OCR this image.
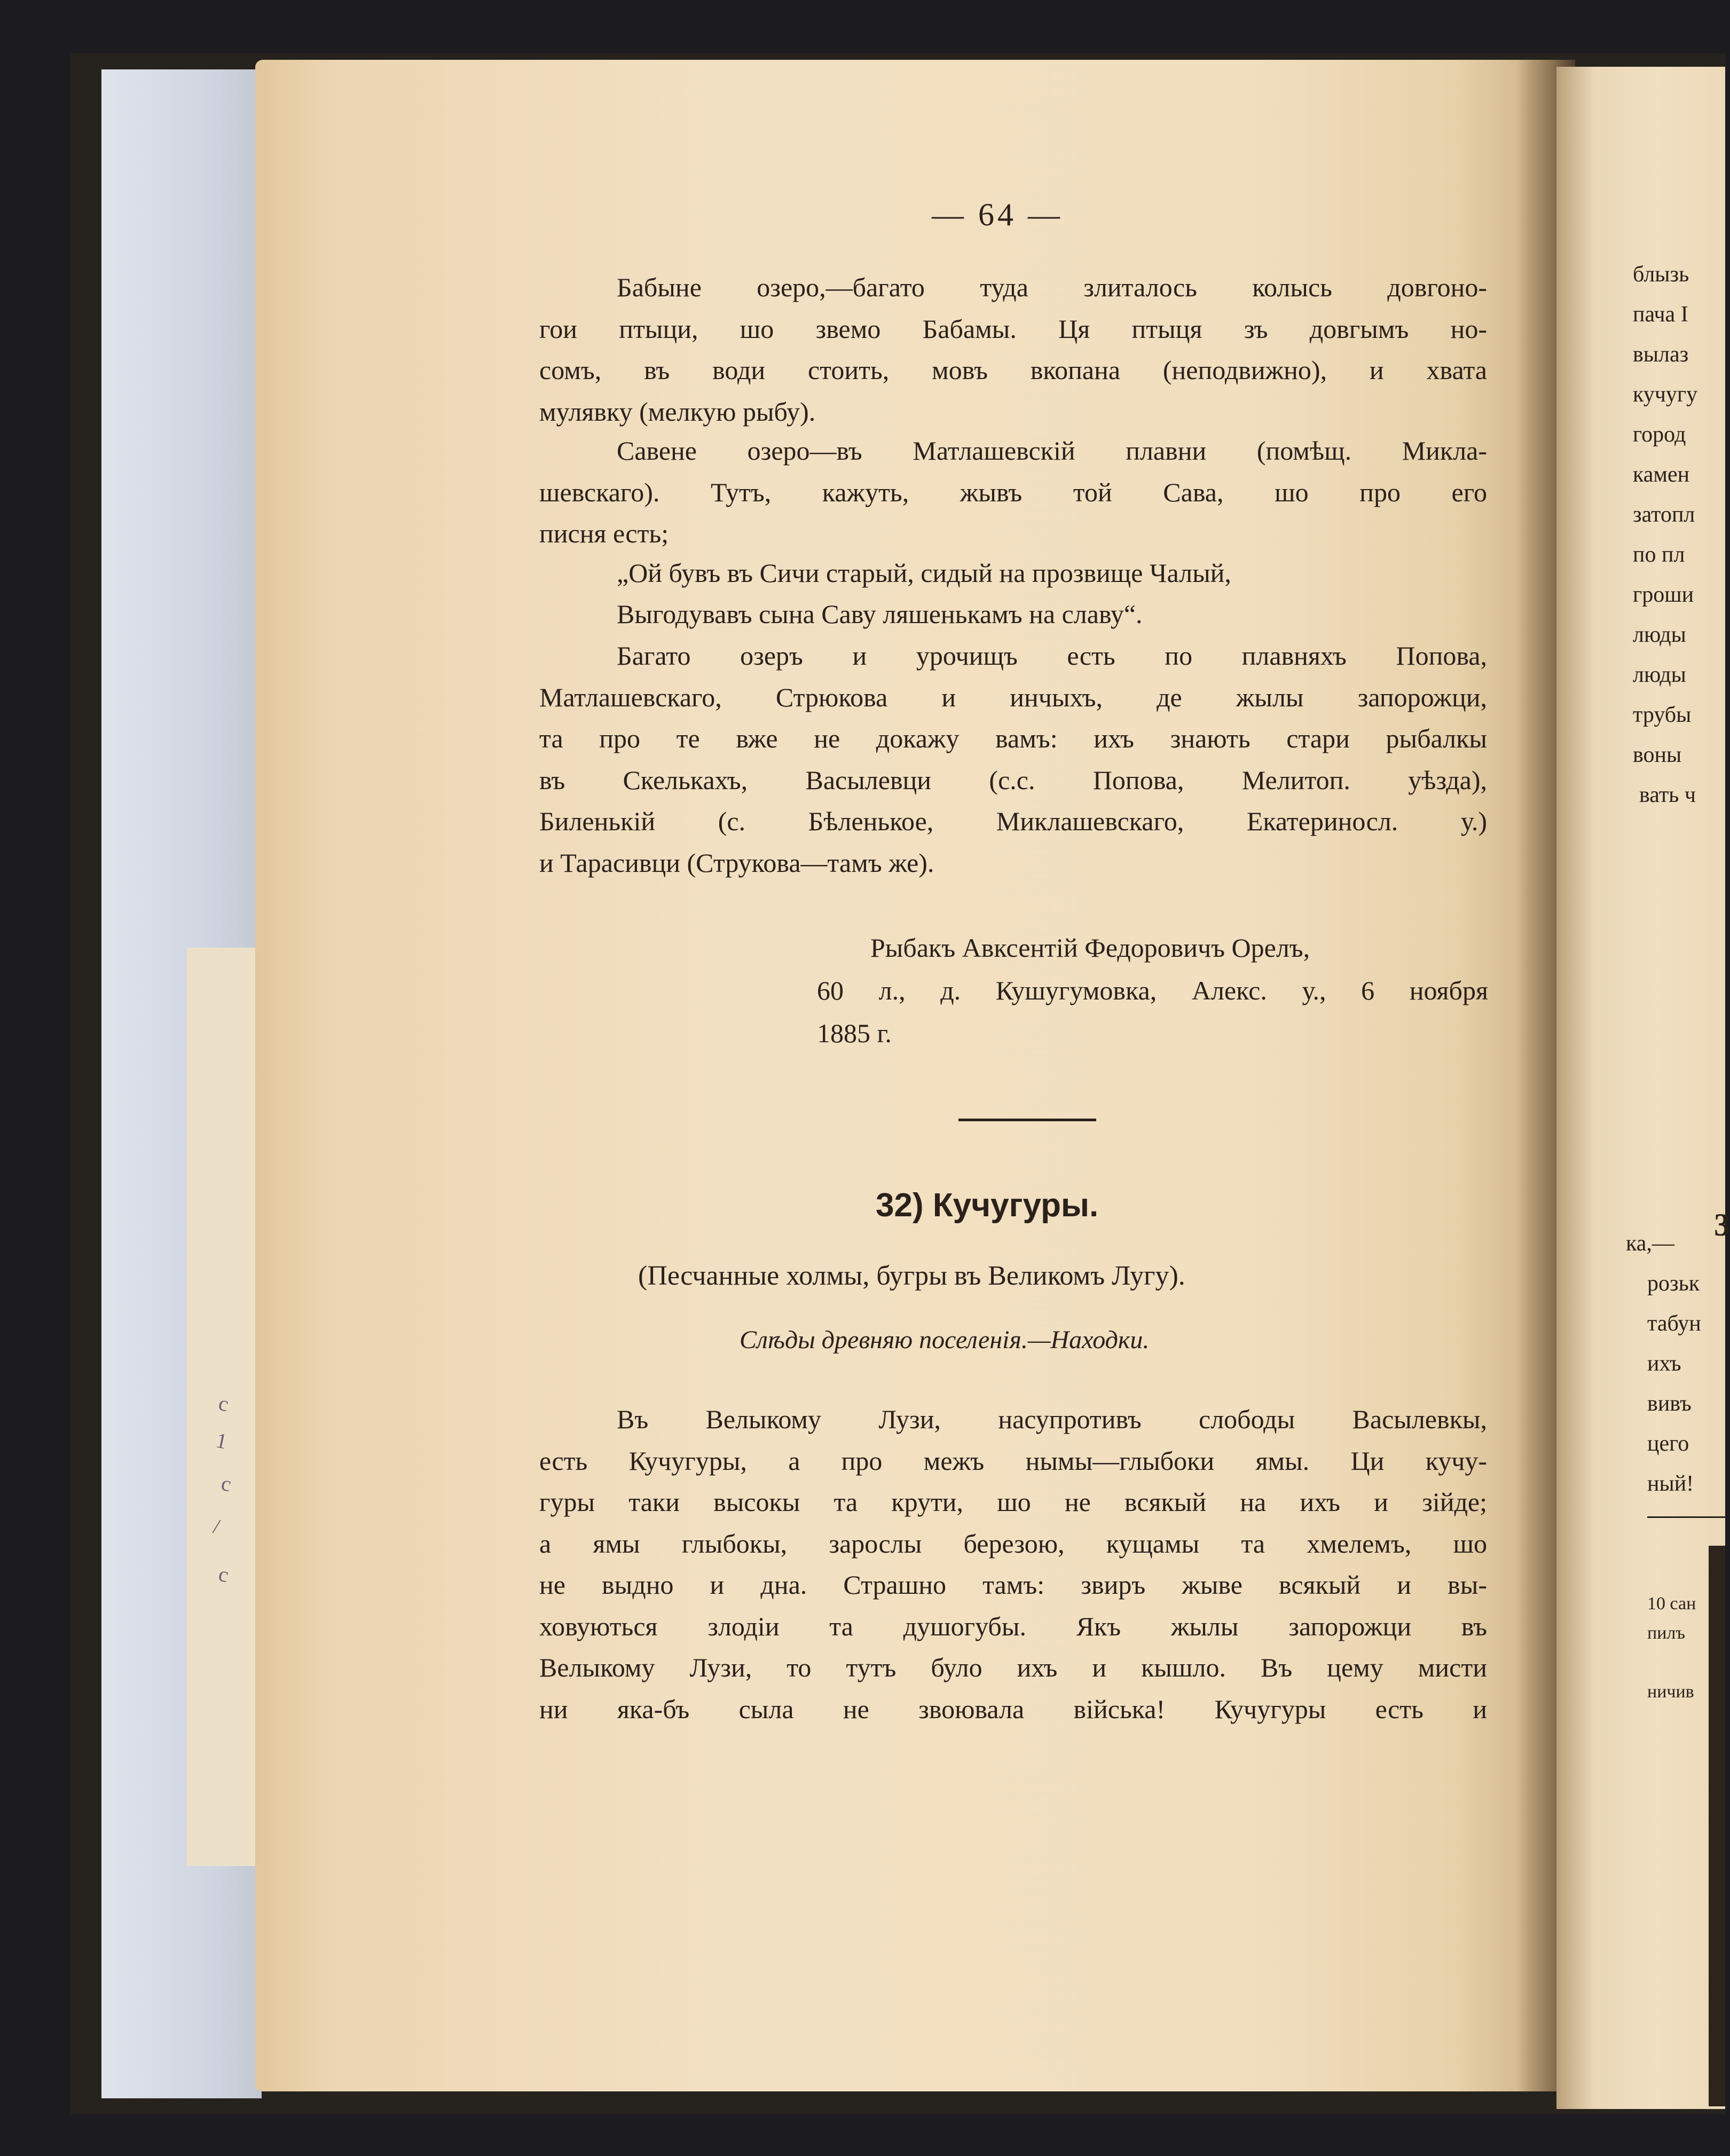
с
1
с
/
с
— 64 —

Бабыне озеро,—багато туда злиталось колысь довгоно-
гои птыци, шо звемо Бабамы. Ця птыця зъ довгымъ но-
сомъ, въ води стоить, мовъ вкопана (неподвижно), и хвата
мулявку (мелкую рыбу).

Савене озеро—въ Матлашевскій плавни (помѣщ. Микла-
шевскаго). Тутъ, кажуть, жывъ той Сава, шо про его
писня есть;

„Ой бувъ въ Сичи старый, сидый на прозвище Чалый,
Выгодувавъ сына Саву ляшенькамъ на славу“.

Багато озеръ и урочищъ есть по плавняхъ Попова,
Матлашевскаго, Стрюкова и инчыхъ, де жылы запорожци,
та про те вже не докажу вамъ: ихъ знають стари рыбалкы
въ Скелькахъ, Васылевци (с.с. Попова, Мелитоп. уѣзда),
Биленькій (с. Бѣленькое, Миклашевскаго, Екатериносл. у.)
и Тарасивци (Струкова—тамъ же).

Рыбакъ Авксентій Федоровичъ Орелъ,
60 л., д. Кушугумовка, Алекс. у., 6 ноября
1885 г.
32) Кучугуры.
(Песчанные холмы, бугры въ Великомъ Лугу).
Слѣды древняю поселенія.—Находки.

Въ Велыкому Лузи, насупротивъ слободы Васылевкы,
есть Кучугуры, а про межъ нымы—глыбоки ямы. Ци кучу-
гуры таки высокы та крути, шо не всякый на ихъ и зійде;
а ямы глыбокы, зарослы березою, кущамы та хмелемъ, шо
не выдно и дна. Страшно тамъ: звиръ жыве всякый и вы-
ховуються злодіи та душогубы. Якъ жылы запорожци въ
Велыкому Лузи, то тутъ було ихъ и кышло. Въ цему мисти
ни яка-бъ сыла не звоювала війська! Кучугуры есть и

блызь
пача I
вылаз
кучугу
город
камен
затопл
по пл
гроши
люды
люды
трубы
воны
вать ч
3
ка,—
розьк
табун
ихъ
вивъ
цего
ный!
10 сан
пилъ
ничив
